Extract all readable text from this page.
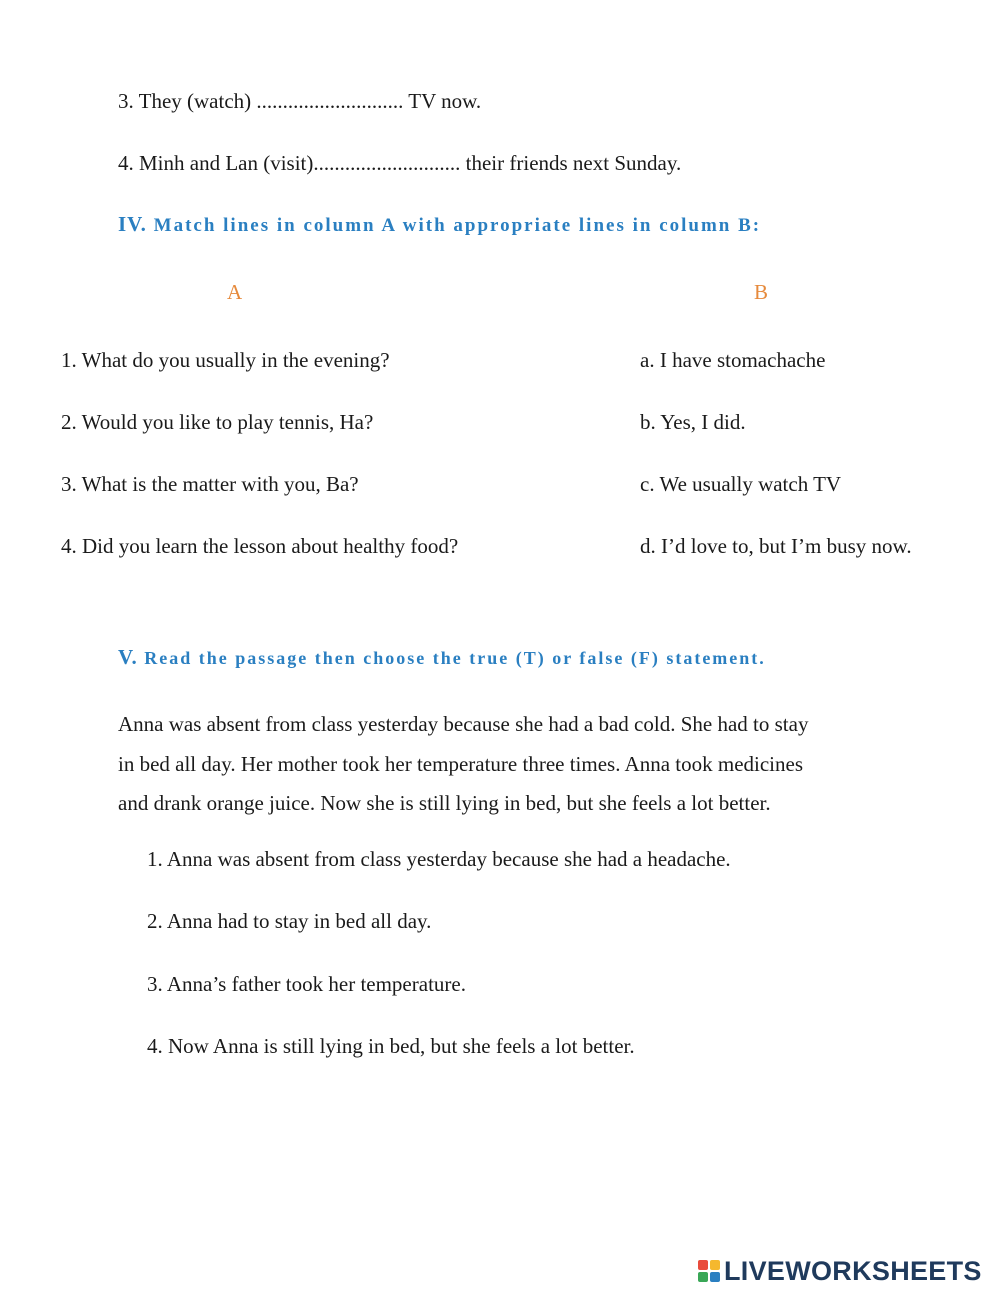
3. They (watch) ............................ TV now.
4. Minh and Lan (visit)............................ their friends next Sunday.
IV. Match lines in column A with appropriate lines in column B:
A	B
1. What do you usually in the evening?
2. Would you like to play tennis, Ha?
3. What is the matter with you, Ba?
4. Did you learn the lesson about healthy food?
a. I have stomachache
b. Yes, I did.
c. We usually watch TV
d. I’d love to, but I’m busy now.
V. Read the passage then choose the true (T) or false (F) statement.

Anna was absent from class yesterday because she had a bad cold. She had to stay

in bed all day. Her mother took her temperature three times. Anna took medicines

and drank orange juice. Now she is still lying in bed, but she feels a lot better.

1. Anna was absent from class yesterday because she had a headache.
2. Anna had to stay in bed all day.
3. Anna’s father took her temperature.
4. Now Anna is still lying in bed, but she feels a lot better.
LIVEWORKSHEETS
